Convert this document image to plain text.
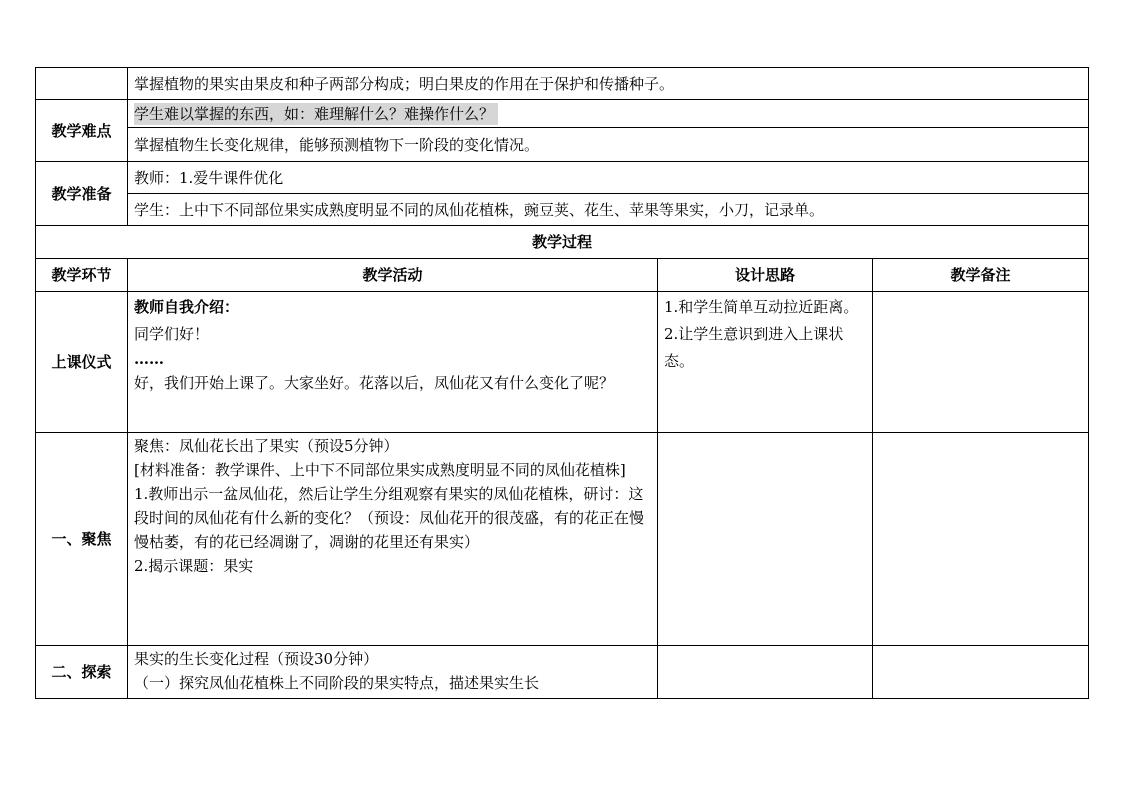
	掌握植物的果实由果皮和种子两部分构成；明白果皮的作用在于保护和传播种子。		
教学难点	学生难以掌握的东西，如：难理解什么？难操作什么？		
	掌握植物生长变化规律，能够预测植物下一阶段的变化情况。		
教学准备	教师：1.爱牛课件优化		
	学生：上中下不同部位果实成熟度明显不同的凤仙花植株，豌豆荚、花生、苹果等果实，小刀，记录单。		
教学过程			
教学环节	教学活动	设计思路	教学备注
上课仪式	教师自我介绍：
同学们好！
……
好，我们开始上课了。大家坐好。花落以后，凤仙花又有什么变化了呢？	1.和学生简单互动拉近距离。
2.让学生意识到进入上课状态。	

一、聚焦	聚焦：凤仙花长出了果实（预设5分钟）
[材料准备：教学课件、上中下不同部位果实成熟度明显不同的凤仙花植株]
1.教师出示一盆凤仙花，然后让学生分组观察有果实的凤仙花植株，研讨：这段时间的凤仙花有什么新的变化？（预设：凤仙花开的很茂盛，有的花正在慢慢枯萎，有的花已经凋谢了，凋谢的花里还有果实）
2.揭示课题：果实		

二、探索	果实的生长变化过程（预设30分钟）
（一）探究凤仙花植株上不同阶段的果实特点，描述果实生长		
